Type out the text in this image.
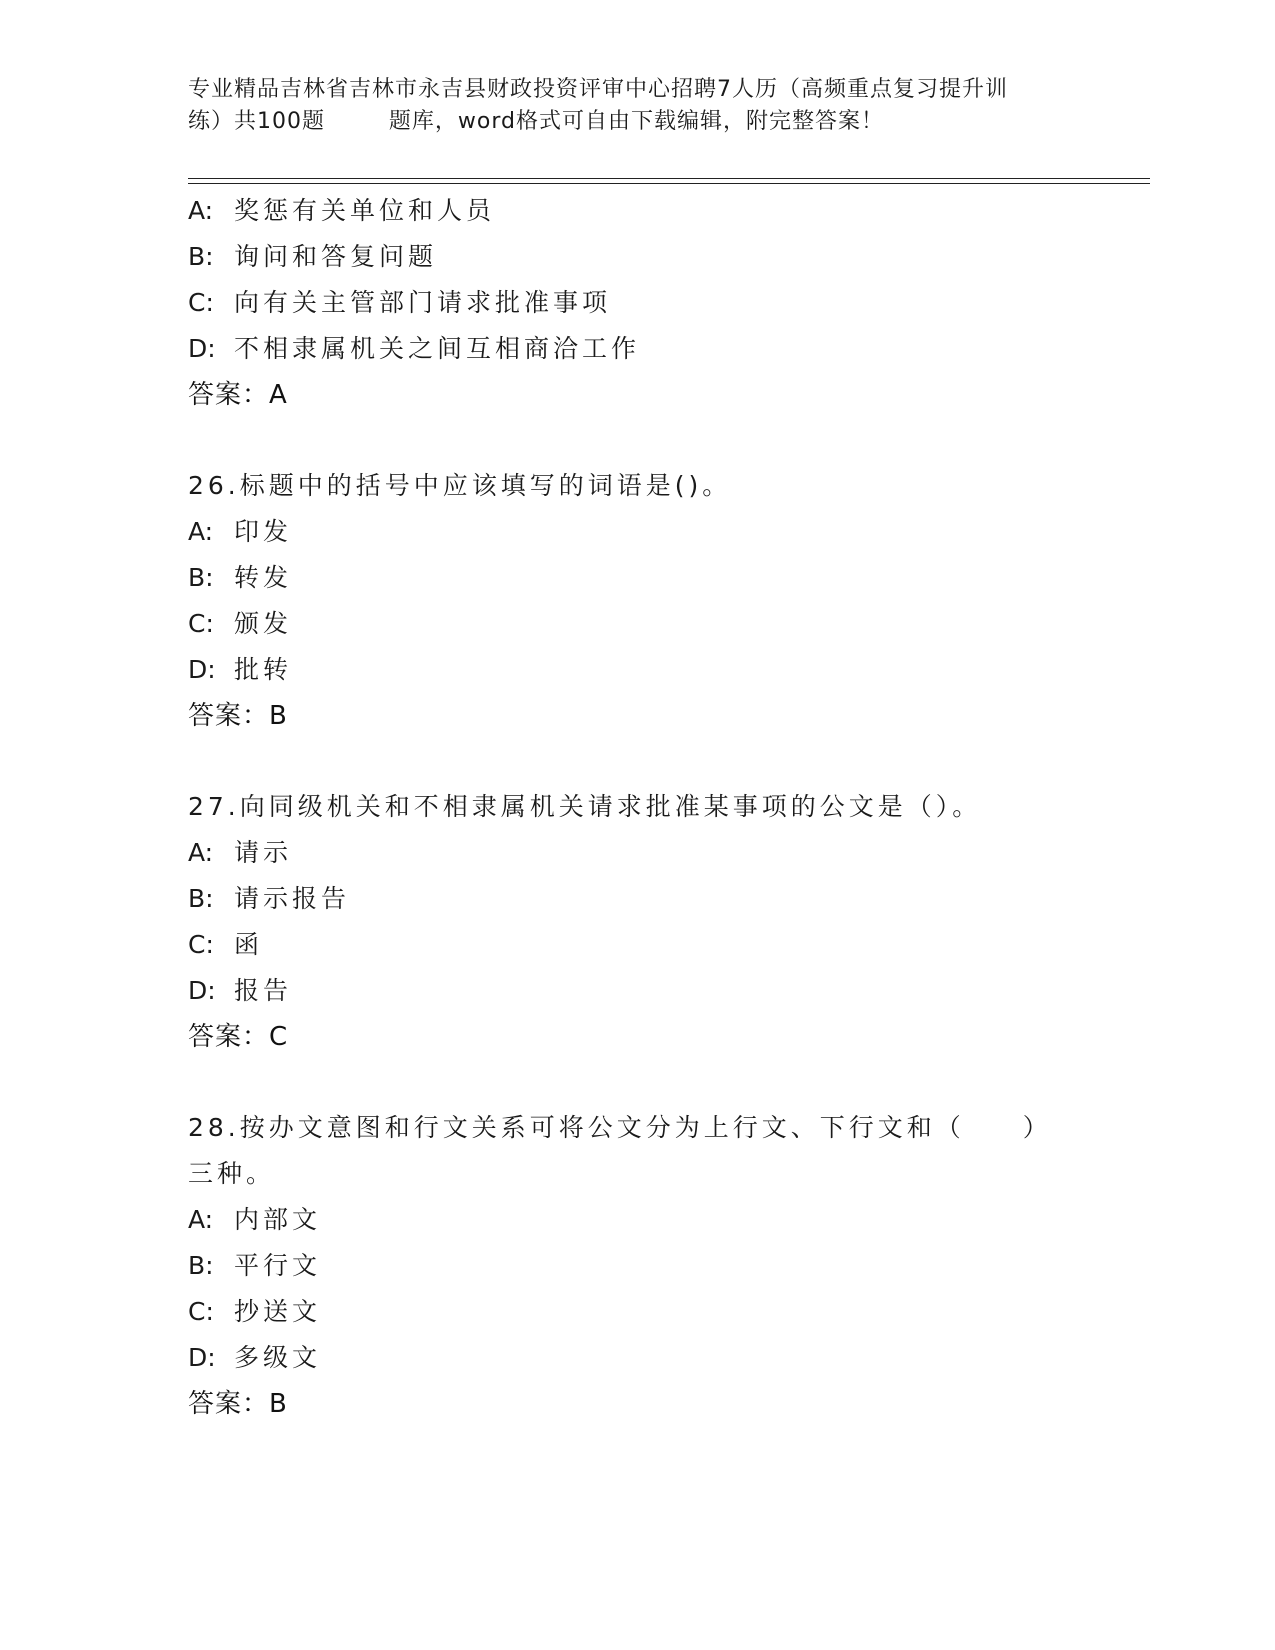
专业精品吉林省吉林市永吉县财政投资评审中心招聘7人历（高频重点复习提升训
练）共100题        题库，word格式可自由下载编辑，附完整答案！
A: 奖惩有关单位和人员
B: 询问和答复问题
C: 向有关主管部门请求批准事项
D: 不相隶属机关之间互相商洽工作
答案：A
26.标题中的括号中应该填写的词语是()。
A: 印发
B: 转发
C: 颁发
D: 批转
答案：B
27.向同级机关和不相隶属机关请求批准某事项的公文是（）。
A: 请示
B: 请示报告
C: 函
D: 报告
答案：C
28.按办文意图和行文关系可将公文分为上行文、下行文和（　　）三种。
A: 内部文
B: 平行文
C: 抄送文
D: 多级文
答案：B
